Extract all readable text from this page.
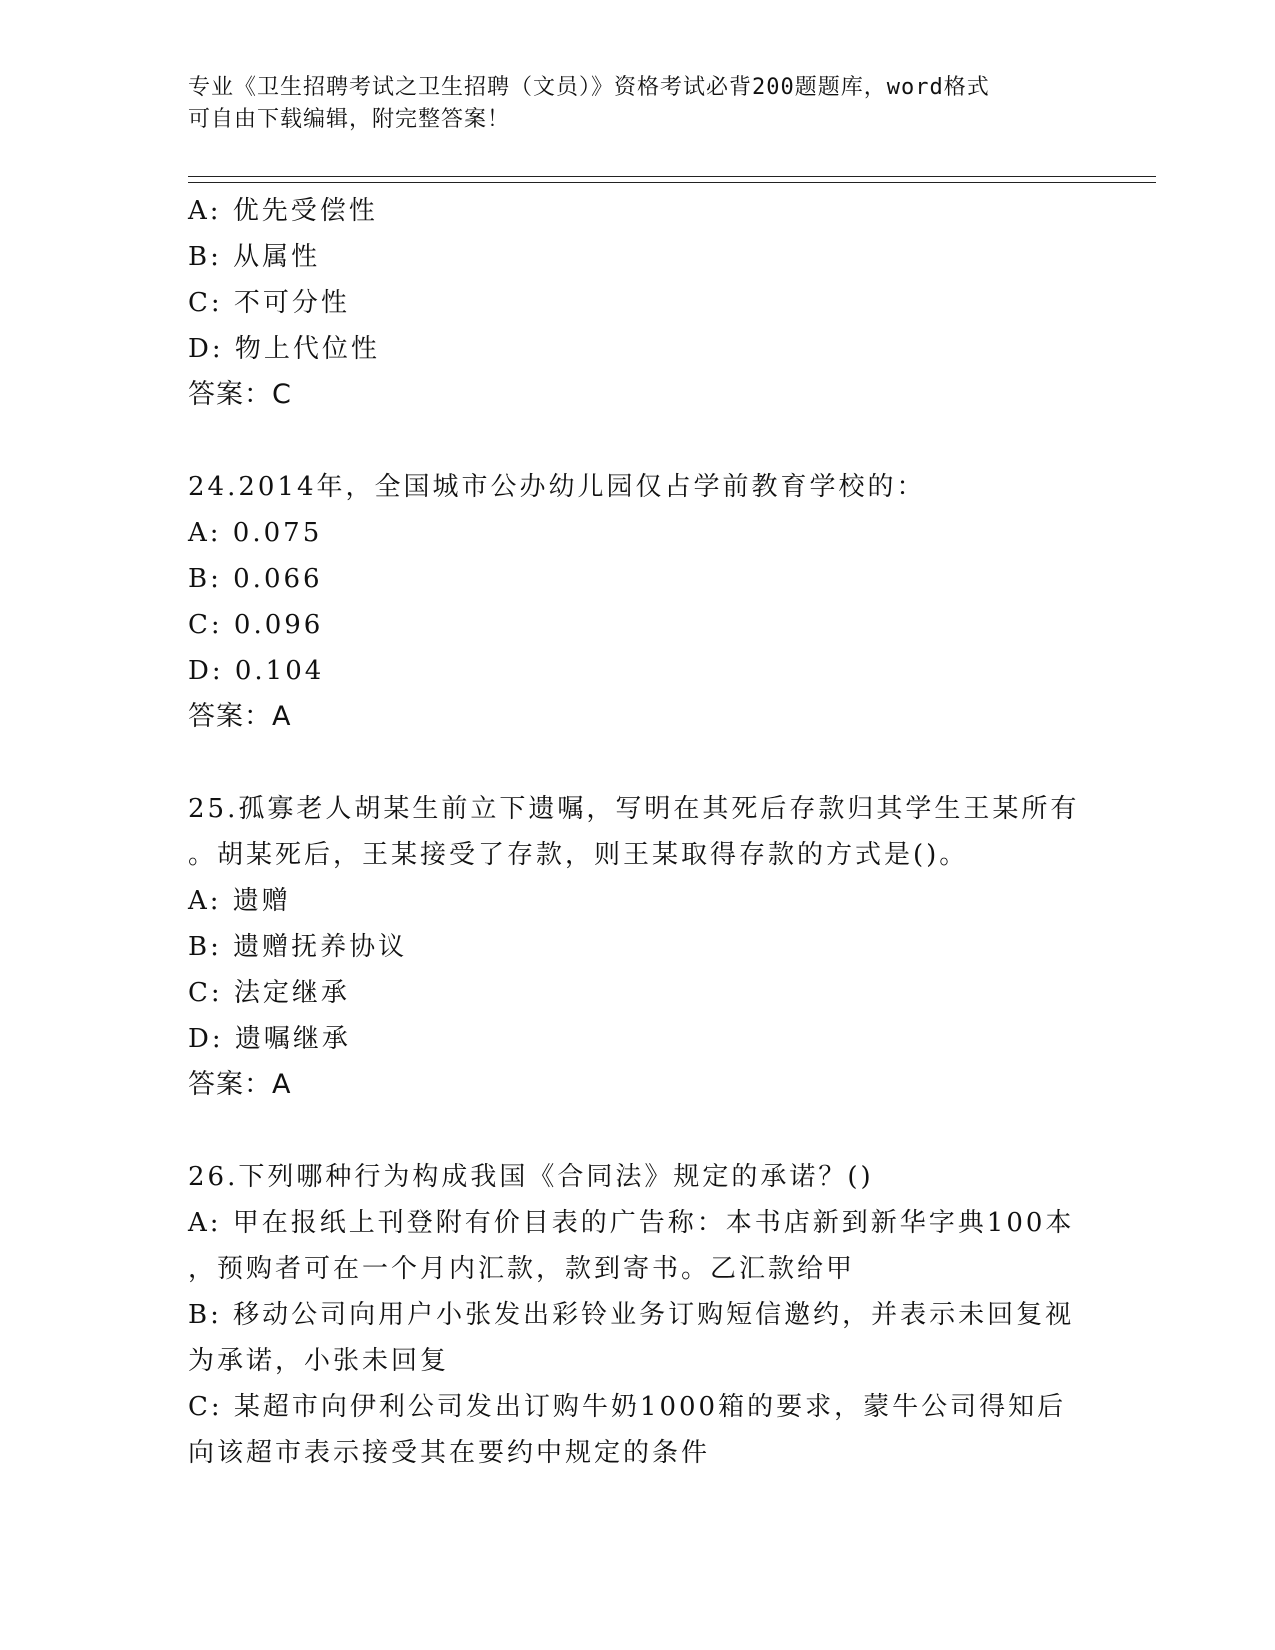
专业《卫生招聘考试之卫生招聘（文员）》资格考试必背200题题库，word格式
可自由下载编辑，附完整答案！
A: 优先受偿性
B: 从属性
C: 不可分性
D: 物上代位性
答案：C
24.2014年，全国城市公办幼儿园仅占学前教育学校的：
A: 0.075
B: 0.066
C: 0.096
D: 0.104
答案：A
25.孤寡老人胡某生前立下遗嘱，写明在其死后存款归其学生王某所有
。胡某死后，王某接受了存款，则王某取得存款的方式是()。
A: 遗赠
B: 遗赠抚养协议
C: 法定继承
D: 遗嘱继承
答案：A
26.下列哪种行为构成我国《合同法》规定的承诺？()
A: 甲在报纸上刊登附有价目表的广告称：本书店新到新华字典100本
，预购者可在一个月内汇款，款到寄书。乙汇款给甲
B: 移动公司向用户小张发出彩铃业务订购短信邀约，并表示未回复视
为承诺，小张未回复
C: 某超市向伊利公司发出订购牛奶1000箱的要求，蒙牛公司得知后
向该超市表示接受其在要约中规定的条件
